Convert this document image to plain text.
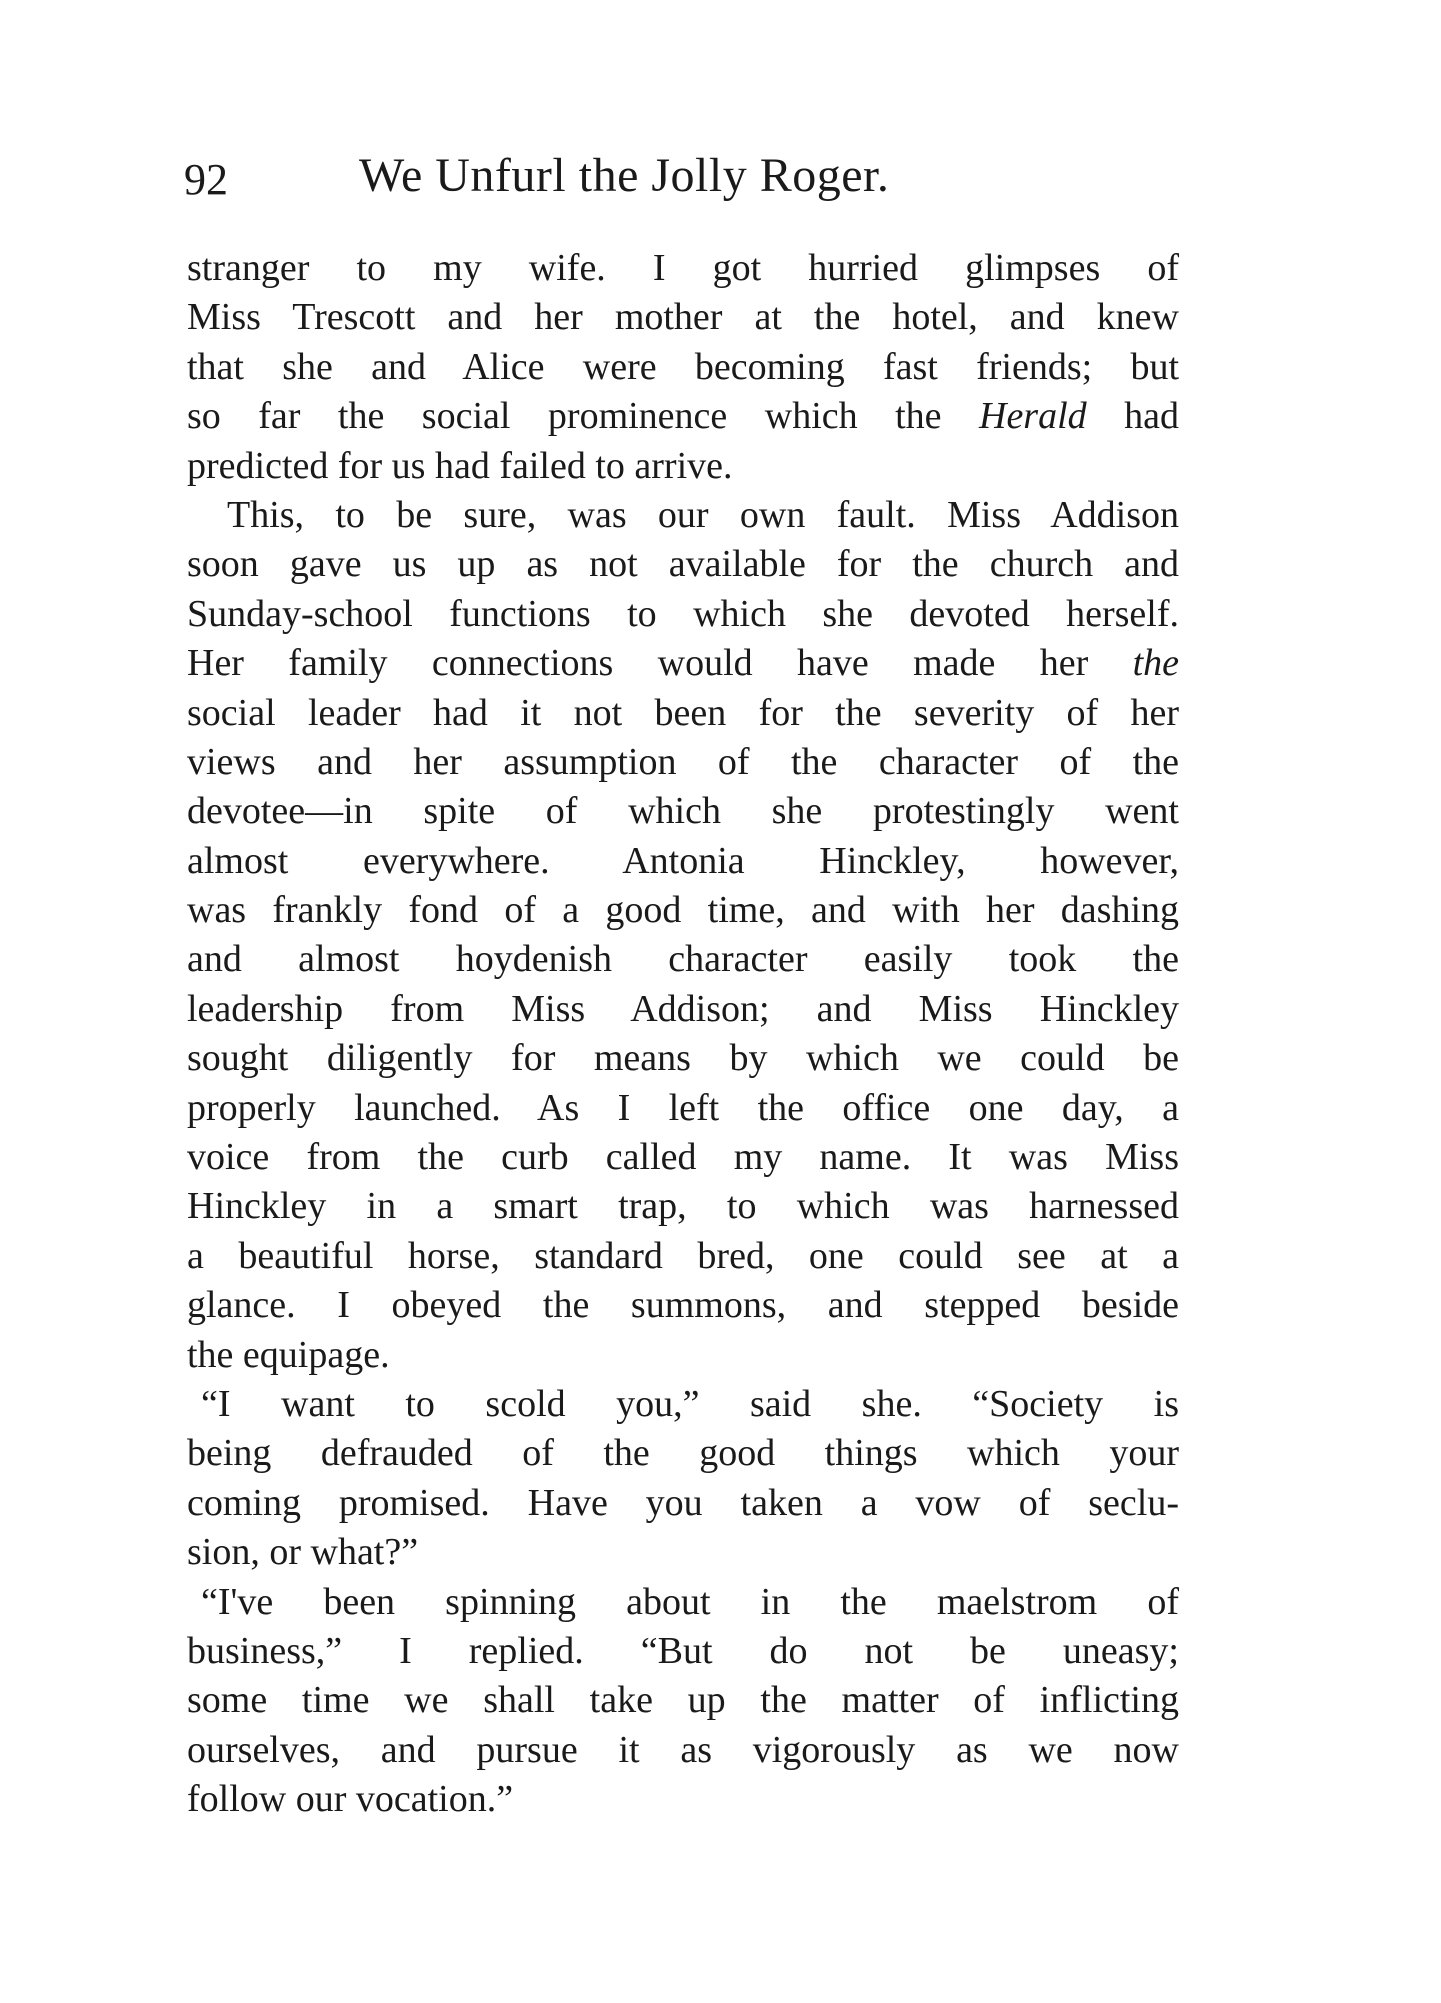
92	We Unfurl the Jolly Roger.
stranger to my wife. I got hurried glimpses of
Miss Trescott and her mother at the hotel, and knew
that she and Alice were becoming fast friends; but
so far the social prominence which the Herald had
predicted for us had failed to arrive.
This, to be sure, was our own fault. Miss Addison
soon gave us up as not available for the church and
Sunday-school functions to which she devoted herself.
Her family connections would have made her the
social leader had it not been for the severity of her
views and her assumption of the character of the
devotee—in spite of which she protestingly went
almost everywhere. Antonia Hinckley, however,
was frankly fond of a good time, and with her dashing
and almost hoydenish character easily took the
leadership from Miss Addison; and Miss Hinckley
sought diligently for means by which we could be
properly launched. As I left the office one day, a
voice from the curb called my name. It was Miss
Hinckley in a smart trap, to which was harnessed
a beautiful horse, standard bred, one could see at a
glance. I obeyed the summons, and stepped beside
the equipage.
“I want to scold you,” said she. “Society is
being defrauded of the good things which your
coming promised. Have you taken a vow of seclu-
sion, or what?”
“I've been spinning about in the maelstrom of
business,” I replied. “But do not be uneasy;
some time we shall take up the matter of inflicting
ourselves, and pursue it as vigorously as we now
follow our vocation.”
